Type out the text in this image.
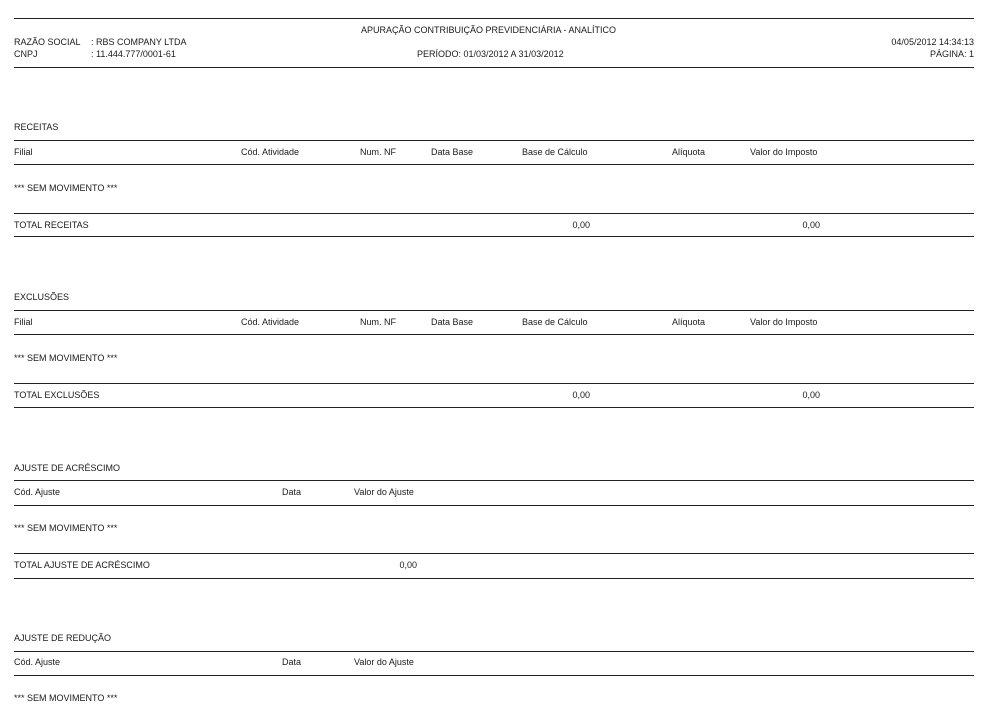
APURAÇÃO CONTRIBUIÇÃO PREVIDENCIÁRIA - ANALÍTICO
RAZÃO SOCIAL : RBS COMPANY LTDA
CNPJ	: 11.444.777/0001-61	PERÍODO: 01/03/2012 A 31/03/2012
04/05/2012 14:34:13
PÁGINA: 1
RECEITAS
Filial	Cód. Atividade	Num. NF	Data Base	Base de Cálculo	Alíquota	Valor do Imposto
*** SEM MOVIMENTO ***
TOTAL RECEITAS	0,00	0,00
EXCLUSÕES
Filial	Cód. Atividade	Num. NF	Data Base	Base de Cálculo	Alíquota	Valor do Imposto
*** SEM MOVIMENTO ***
TOTAL EXCLUSÕES	0,00	0,00
AJUSTE DE ACRÉSCIMO
Cód. Ajuste	Data	Valor do Ajuste
*** SEM MOVIMENTO ***
TOTAL AJUSTE DE ACRÉSCIMO	0,00
AJUSTE DE REDUÇÃO
Cód. Ajuste	Data	Valor do Ajuste
*** SEM MOVIMENTO ***
